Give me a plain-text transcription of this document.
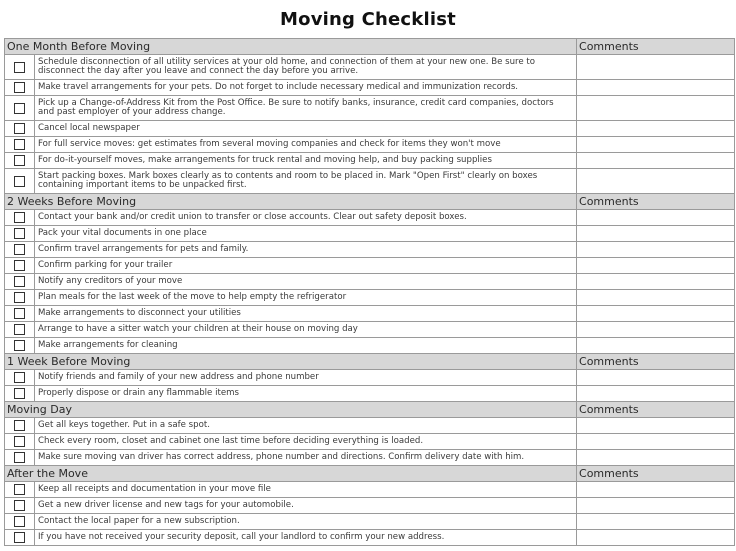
Moving Checklist
One Month Before Moving		Comments
	Schedule disconnection of all utility services at your old home, and connection of them at your new one. Be sure to disconnect the day after you leave and connect the day before you arrive.	
	Make travel arrangements for your pets. Do not forget to include necessary medical and immunization records.	
	Pick up a Change-of-Address Kit from the Post Office. Be sure to notify banks, insurance, credit card companies, doctors and past employer of your address change.	
	Cancel local newspaper	
	For full service moves: get estimates from several moving companies and check for items they won't move	
	For do-it-yourself moves, make arrangements for truck rental and moving help, and buy packing supplies	
	Start packing boxes. Mark boxes clearly as to contents and room to be placed in. Mark "Open First" clearly on boxes containing important items to be unpacked first.	
2 Weeks Before Moving		Comments
	Contact your bank and/or credit union to transfer or close accounts. Clear out safety deposit boxes.	
	Pack your vital documents in one place	
	Confirm travel arrangements for pets and family.	
	Confirm parking for your trailer	
	Notify any creditors of your move	
	Plan meals for the last week of the move to help empty the refrigerator	
	Make arrangements to disconnect your utilities	
	Arrange to have a sitter watch your children at their house on moving day	
	Make arrangements for cleaning	
1 Week Before Moving		Comments
	Notify friends and family of your new address and phone number	
	Properly dispose or drain any flammable items	
Moving Day		Comments
	Get all keys together. Put in a safe spot.	
	Check every room, closet and cabinet one last time before deciding everything is loaded.	
	Make sure moving van driver has correct address, phone number and directions. Confirm delivery date with him.	
After the Move		Comments
	Keep all receipts and documentation in your move file	
	Get a new driver license and new tags for your automobile.	
	Contact the local paper for a new subscription.	
	If you have not received your security deposit, call your landlord to confirm your new address.	
